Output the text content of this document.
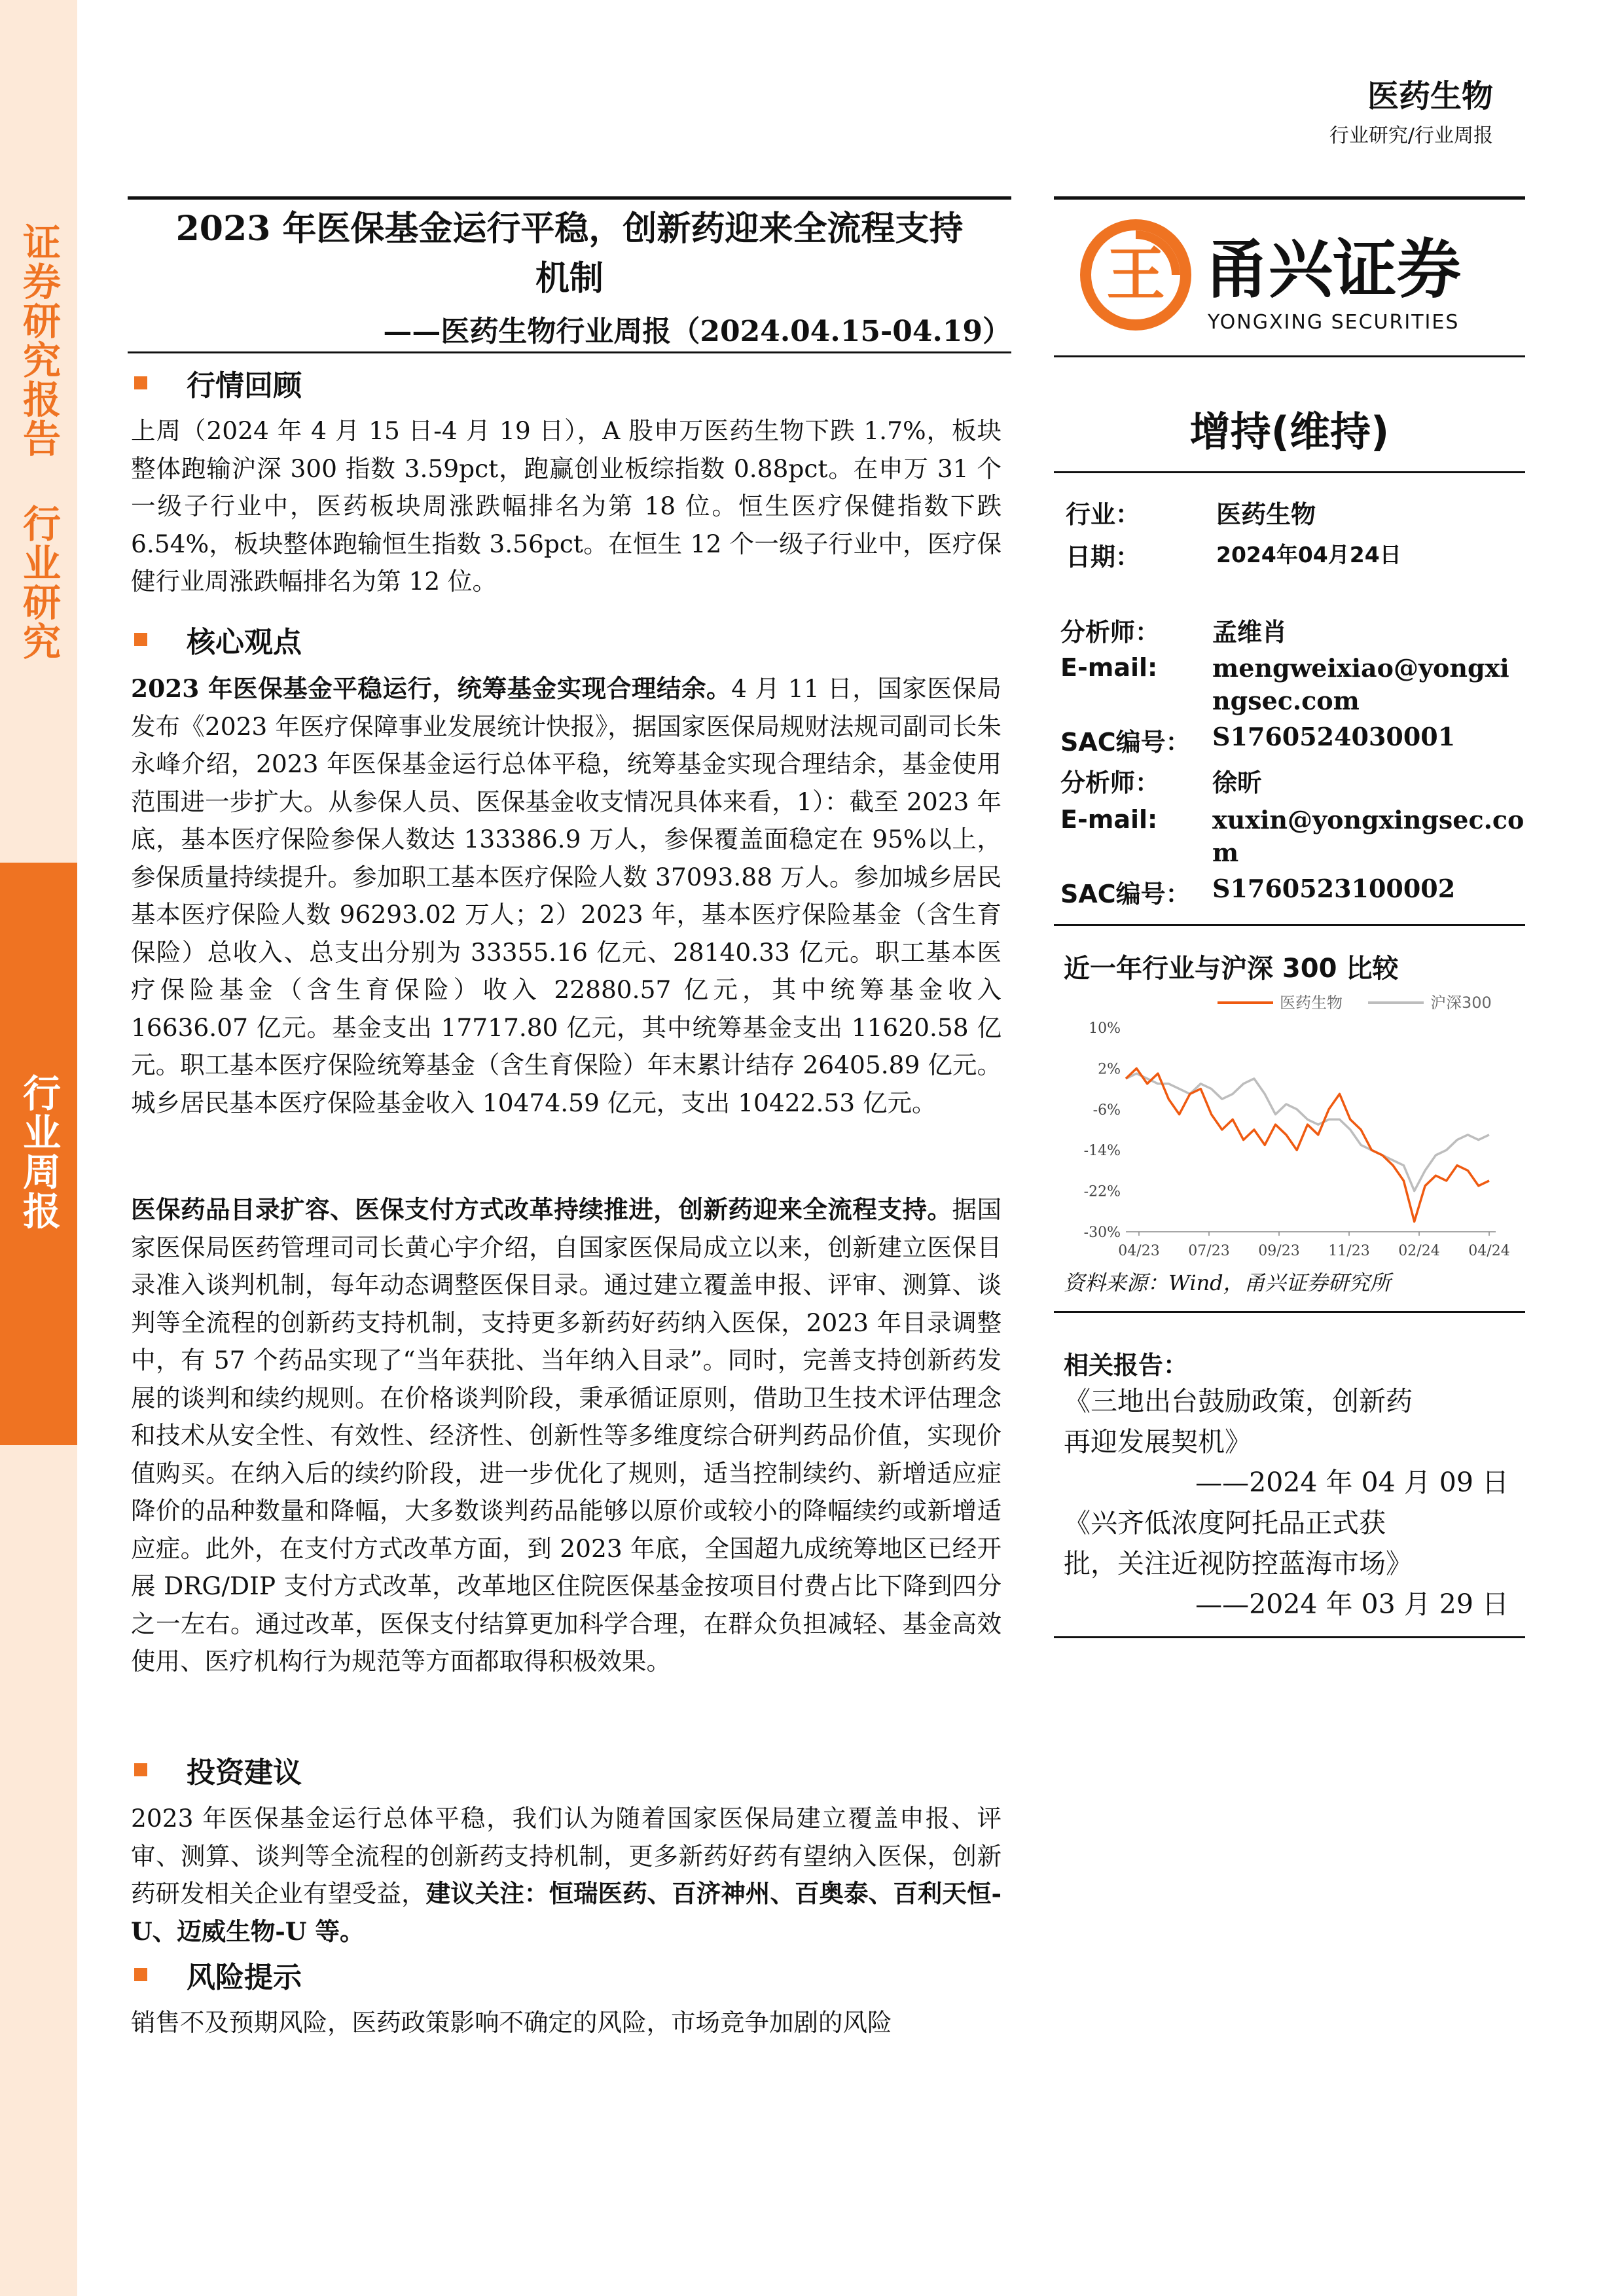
证券研究报告 行业研究
行业周报
医药生物
行业研究/行业周报
2023 年医保基金运行平稳，创新药迎来全流程支持
机制
——医药生物行业周报（2024.04.15-04.19）
行情回顾
上周（2024 年 4 月 15 日-4 月 19 日），A 股申万医药生物下跌 1.7%，板块整体跑输沪深 300 指数 3.59pct，跑赢创业板综指数 0.88pct。在申万 31 个一级子行业中，医药板块周涨跌幅排名为第 18 位。恒生医疗保健指数下跌 6.54%，板块整体跑输恒生指数 3.56pct。在恒生 12 个一级子行业中，医疗保健行业周涨跌幅排名为第 12 位。
核心观点
2023 年医保基金平稳运行，统筹基金实现合理结余。4 月 11 日，国家医保局发布《2023 年医疗保障事业发展统计快报》，据国家医保局规财法规司副司长朱永峰介绍，2023 年医保基金运行总体平稳，统筹基金实现合理结余，基金使用范围进一步扩大。从参保人员、医保基金收支情况具体来看，1）：截至 2023 年底，基本医疗保险参保人数达 133386.9 万人，参保覆盖面稳定在 95%以上，参保质量持续提升。参加职工基本医疗保险人数 37093.88 万人。参加城乡居民基本医疗保险人数 96293.02 万人；2）2023 年，基本医疗保险基金（含生育保险）总收入、总支出分别为 33355.16 亿元、28140.33 亿元。职工基本医疗保险基金（含生育保险）收入 22880.57 亿元，其中统筹基金收入 16636.07 亿元。基金支出 17717.80 亿元，其中统筹基金支出 11620.58 亿元。职工基本医疗保险统筹基金（含生育保险）年末累计结存 26405.89 亿元。城乡居民基本医疗保险基金收入 10474.59 亿元，支出 10422.53 亿元。
医保药品目录扩容、医保支付方式改革持续推进，创新药迎来全流程支持。据国家医保局医药管理司司长黄心宇介绍，自国家医保局成立以来，创新建立医保目录准入谈判机制，每年动态调整医保目录。通过建立覆盖申报、评审、测算、谈判等全流程的创新药支持机制，支持更多新药好药纳入医保，2023 年目录调整中，有 57 个药品实现了“当年获批、当年纳入目录”。同时，完善支持创新药发展的谈判和续约规则。在价格谈判阶段，秉承循证原则，借助卫生技术评估理念和技术从安全性、有效性、经济性、创新性等多维度综合研判药品价值，实现价值购买。在纳入后的续约阶段，进一步优化了规则，适当控制续约、新增适应症降价的品种数量和降幅，大多数谈判药品能够以原价或较小的降幅续约或新增适应症。此外，在支付方式改革方面，到 2023 年底，全国超九成统筹地区已经开展 DRG/DIP 支付方式改革，改革地区住院医保基金按项目付费占比下降到四分之一左右。通过改革，医保支付结算更加科学合理，在群众负担减轻、基金高效使用、医疗机构行为规范等方面都取得积极效果。
投资建议
2023 年医保基金运行总体平稳，我们认为随着国家医保局建立覆盖申报、评审、测算、谈判等全流程的创新药支持机制，更多新药好药有望纳入医保，创新药研发相关企业有望受益，建议关注：恒瑞医药、百济神州、百奥泰、百利天恒-U、迈威生物-U 等。
风险提示
销售不及预期风险，医药政策影响不确定的风险，市场竞争加剧的风险
王 甬兴证券
YONGXING SECURITIES
增持(维持)
行业：	医药生物
日期：	2024年04月24日
分析师： 孟维肖
E-mail: mengweixiao@yongxi
ngsec.com
SAC编号： S1760524030001
分析师： 徐昕
E-mail: xuxin@yongxingsec.co
m
SAC编号： S1760523100002
近一年行业与沪深 300 比较
10%
2%
-6%
-14%
-22%
-30%
04/23 07/23 09/23 11/23 02/24 04/24
医药生物	沪深300
资料来源：Wind，甬兴证券研究所
相关报告：
《三地出台鼓励政策，创新药
再迎发展契机》
——2024 年 04 月 09 日
《兴齐低浓度阿托品正式获
批，关注近视防控蓝海市场》
——2024 年 03 月 29 日
